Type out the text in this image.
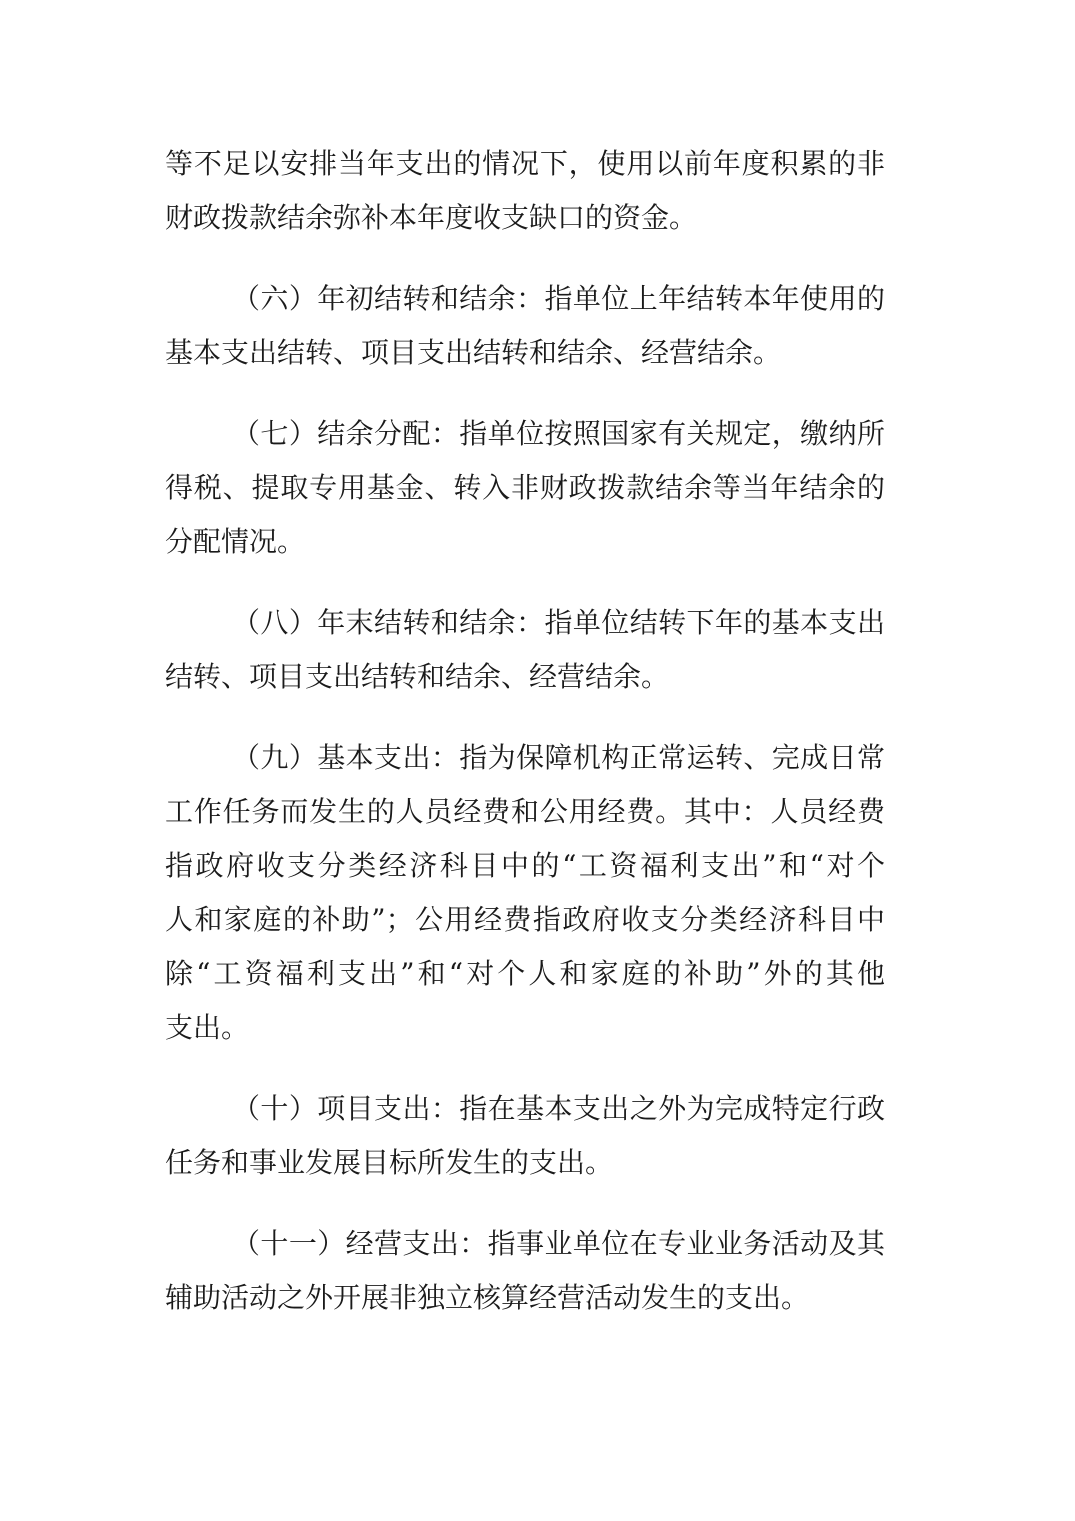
等不足以安排当年支出的情况下，使用以前年度积累的非
财政拨款结余弥补本年度收支缺口的资金。
（六）年初结转和结余：指单位上年结转本年使用的
基本支出结转、项目支出结转和结余、经营结余。
（七）结余分配：指单位按照国家有关规定，缴纳所
得税、提取专用基金、转入非财政拨款结余等当年结余的
分配情况。
（八）年末结转和结余：指单位结转下年的基本支出
结转、项目支出结转和结余、经营结余。
（九）基本支出：指为保障机构正常运转、完成日常
工作任务而发生的人员经费和公用经费。其中：人员经费
指政府收支分类经济科目中的“工资福利支出”和“对个
人和家庭的补助”；公用经费指政府收支分类经济科目中
除“工资福利支出”和“对个人和家庭的补助”外的其他
支出。
（十）项目支出：指在基本支出之外为完成特定行政
任务和事业发展目标所发生的支出。
（十一）经营支出：指事业单位在专业业务活动及其
辅助活动之外开展非独立核算经营活动发生的支出。
